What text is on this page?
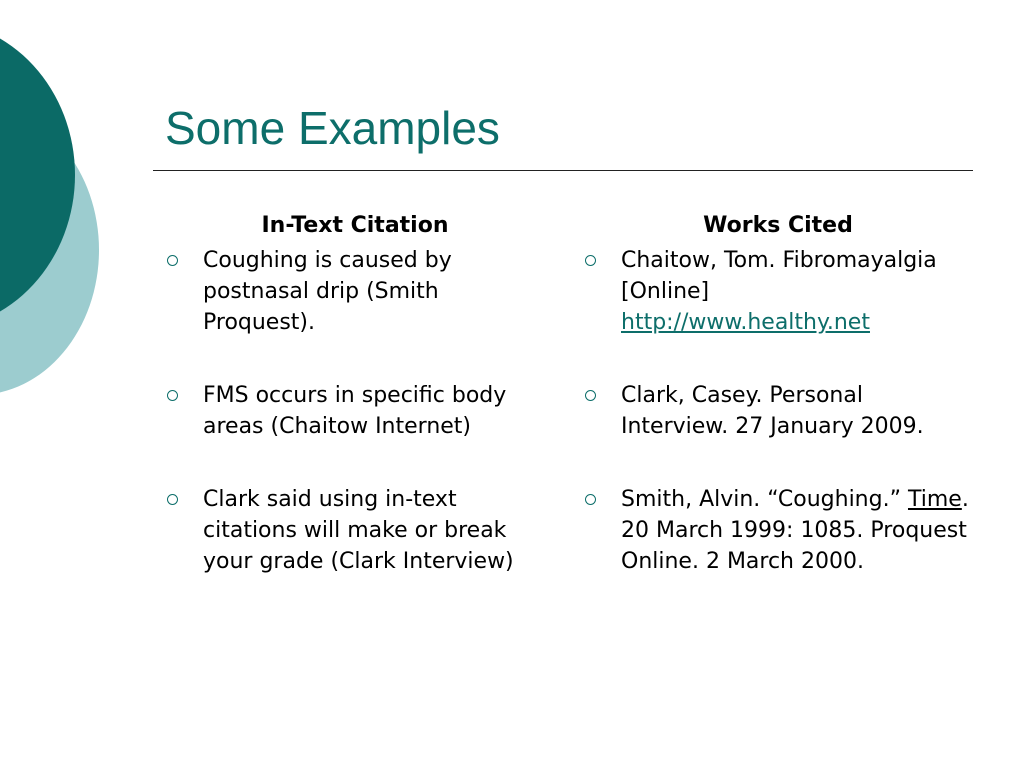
Some Examples
In-Text Citation
Coughing is caused by postnasal drip (Smith Proquest).
FMS occurs in specific body areas (Chaitow Internet)
Clark said using in-text citations will make or break your grade (Clark Interview)
Works Cited
Chaitow, Tom. Fibromayalgia [Online]
http://www.healthy.net
Clark, Casey. Personal Interview. 27 January 2009.
Smith, Alvin. “Coughing.” Time. 20 March 1999: 1085. Proquest Online. 2 March 2000.
